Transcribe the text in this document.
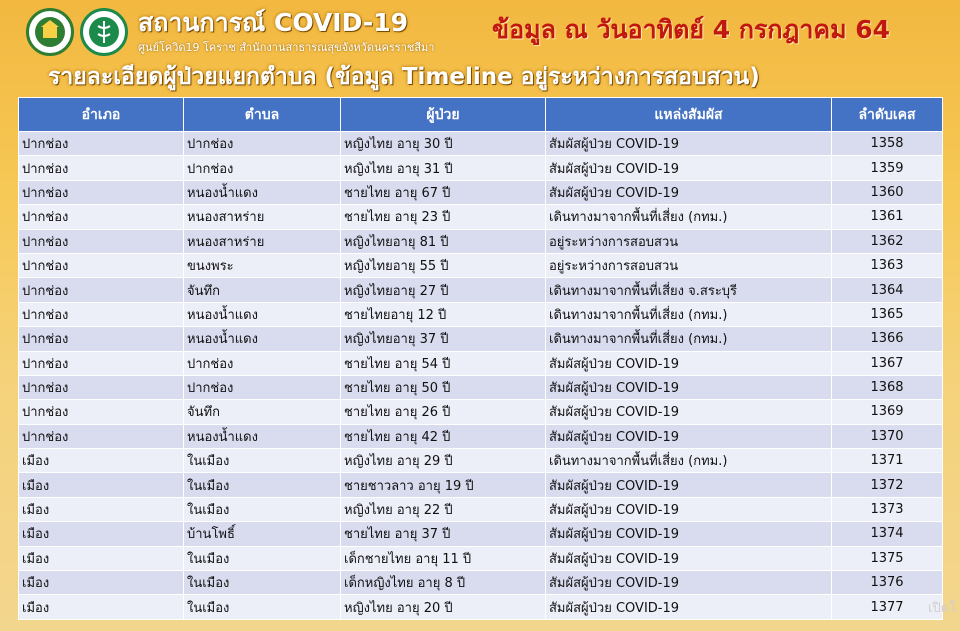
สถานการณ์ COVID-19
ศูนย์โควิด19 โคราช สำนักงานสาธารณสุขจังหวัดนครราชสีมา
ข้อมูล ณ วันอาทิตย์ 4 กรกฎาคม 64
รายละเอียดผู้ป่วยแยกตำบล (ข้อมูล Timeline อยู่ระหว่างการสอบสวน)
อำเภอ	ตำบล	ผู้ป่วย	แหล่งสัมผัส	ลำดับเคส
ปากช่อง	ปากช่อง	หญิงไทย อายุ 30 ปี	สัมผัสผู้ป่วย COVID-19	1358
ปากช่อง	ปากช่อง	หญิงไทย อายุ 31 ปี	สัมผัสผู้ป่วย COVID-19	1359
ปากช่อง	หนองน้ำแดง	ชายไทย อายุ 67 ปี	สัมผัสผู้ป่วย COVID-19	1360
ปากช่อง	หนองสาหร่าย	ชายไทย อายุ 23 ปี	เดินทางมาจากพื้นที่เสี่ยง (กทม.)	1361
ปากช่อง	หนองสาหร่าย	หญิงไทยอายุ 81 ปี	อยู่ระหว่างการสอบสวน	1362
ปากช่อง	ขนงพระ	หญิงไทยอายุ 55 ปี	อยู่ระหว่างการสอบสวน	1363
ปากช่อง	จันทึก	หญิงไทยอายุ 27 ปี	เดินทางมาจากพื้นที่เสี่ยง จ.สระบุรี	1364
ปากช่อง	หนองน้ำแดง	ชายไทยอายุ 12 ปี	เดินทางมาจากพื้นที่เสี่ยง (กทม.)	1365
ปากช่อง	หนองน้ำแดง	หญิงไทยอายุ 37 ปี	เดินทางมาจากพื้นที่เสี่ยง (กทม.)	1366
ปากช่อง	ปากช่อง	ชายไทย อายุ 54 ปี	สัมผัสผู้ป่วย COVID-19	1367
ปากช่อง	ปากช่อง	ชายไทย อายุ 50 ปี	สัมผัสผู้ป่วย COVID-19	1368
ปากช่อง	จันทึก	ชายไทย อายุ 26 ปี	สัมผัสผู้ป่วย COVID-19	1369
ปากช่อง	หนองน้ำแดง	ชายไทย อายุ 42 ปี	สัมผัสผู้ป่วย COVID-19	1370
เมือง	ในเมือง	หญิงไทย อายุ 29 ปี	เดินทางมาจากพื้นที่เสี่ยง (กทม.)	1371
เมือง	ในเมือง	ชายชาวลาว อายุ 19 ปี	สัมผัสผู้ป่วย COVID-19	1372
เมือง	ในเมือง	หญิงไทย อายุ 22 ปี	สัมผัสผู้ป่วย COVID-19	1373
เมือง	บ้านโพธิ์	ชายไทย อายุ 37 ปี	สัมผัสผู้ป่วย COVID-19	1374
เมือง	ในเมือง	เด็กชายไทย อายุ 11 ปี	สัมผัสผู้ป่วย COVID-19	1375
เมือง	ในเมือง	เด็กหญิงไทย อายุ 8 ปี	สัมผัสผู้ป่วย COVID-19	1376
เมือง	ในเมือง	หญิงไทย อายุ 20 ปี	สัมผัสผู้ป่วย COVID-19	1377 เปิดใ
